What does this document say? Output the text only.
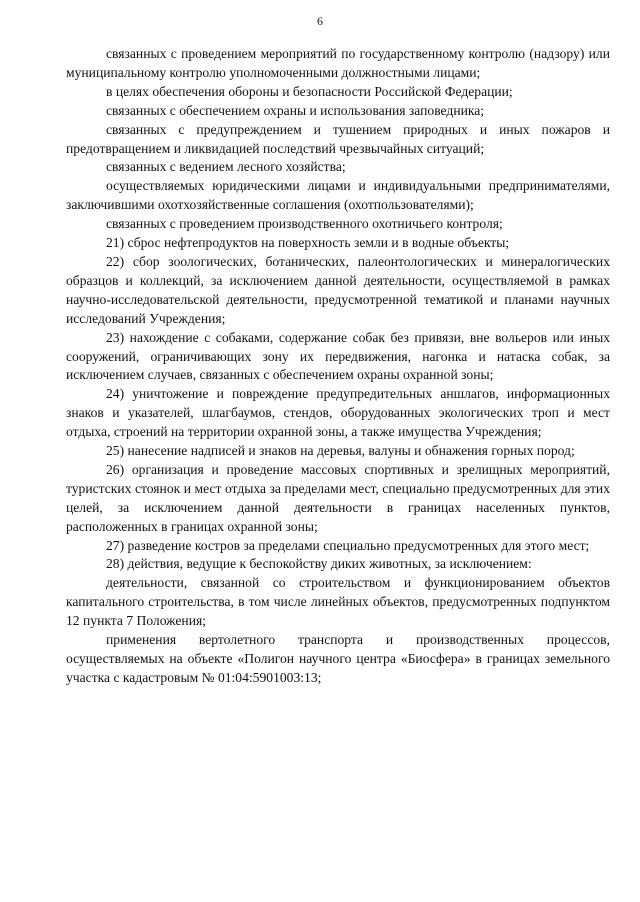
6

связанных с проведением мероприятий по государственному контролю (надзору) или муниципальному контролю уполномоченными должностными лицами;

в целях обеспечения обороны и безопасности Российской Федерации;

связанных с обеспечением охраны и использования заповедника;

связанных с предупреждением и тушением природных и иных пожаров и предотвращением и ликвидацией последствий чрезвычайных ситуаций;

связанных с ведением лесного хозяйства;

осуществляемых юридическими лицами и индивидуальными предпринимателями, заключившими охотхозяйственные соглашения (охотпользователями);

связанных с проведением производственного охотничьего контроля;

21) сброс нефтепродуктов на поверхность земли и в водные объекты;

22) сбор зоологических, ботанических, палеонтологических и минералогических образцов и коллекций, за исключением данной деятельности, осуществляемой в рамках научно-исследовательской деятельности, предусмотренной тематикой и планами научных исследований Учреждения;

23) нахождение с собаками, содержание собак без привязи, вне вольеров или иных сооружений, ограничивающих зону их передвижения, нагонка и натаска собак, за исключением случаев, связанных с обеспечением охраны охранной зоны;

24) уничтожение и повреждение предупредительных аншлагов, информационных знаков и указателей, шлагбаумов, стендов, оборудованных экологических троп и мест отдыха, строений на территории охранной зоны, а также имущества Учреждения;

25) нанесение надписей и знаков на деревья, валуны и обнажения горных пород;

26) организация и проведение массовых спортивных и зрелищных мероприятий, туристских стоянок и мест отдыха за пределами мест, специально предусмотренных для этих целей, за исключением данной деятельности в границах населенных пунктов, расположенных в границах охранной зоны;

27) разведение костров за пределами специально предусмотренных для этого мест;

28) действия, ведущие к беспокойству диких животных, за исключением:

деятельности, связанной со строительством и функционированием объектов капитального строительства, в том числе линейных объектов, предусмотренных подпунктом 12 пункта 7 Положения;

применения вертолетного транспорта и производственных процессов, осуществляемых на объекте «Полигон научного центра «Биосфера» в границах земельного участка с кадастровым № 01:04:5901003:13;
